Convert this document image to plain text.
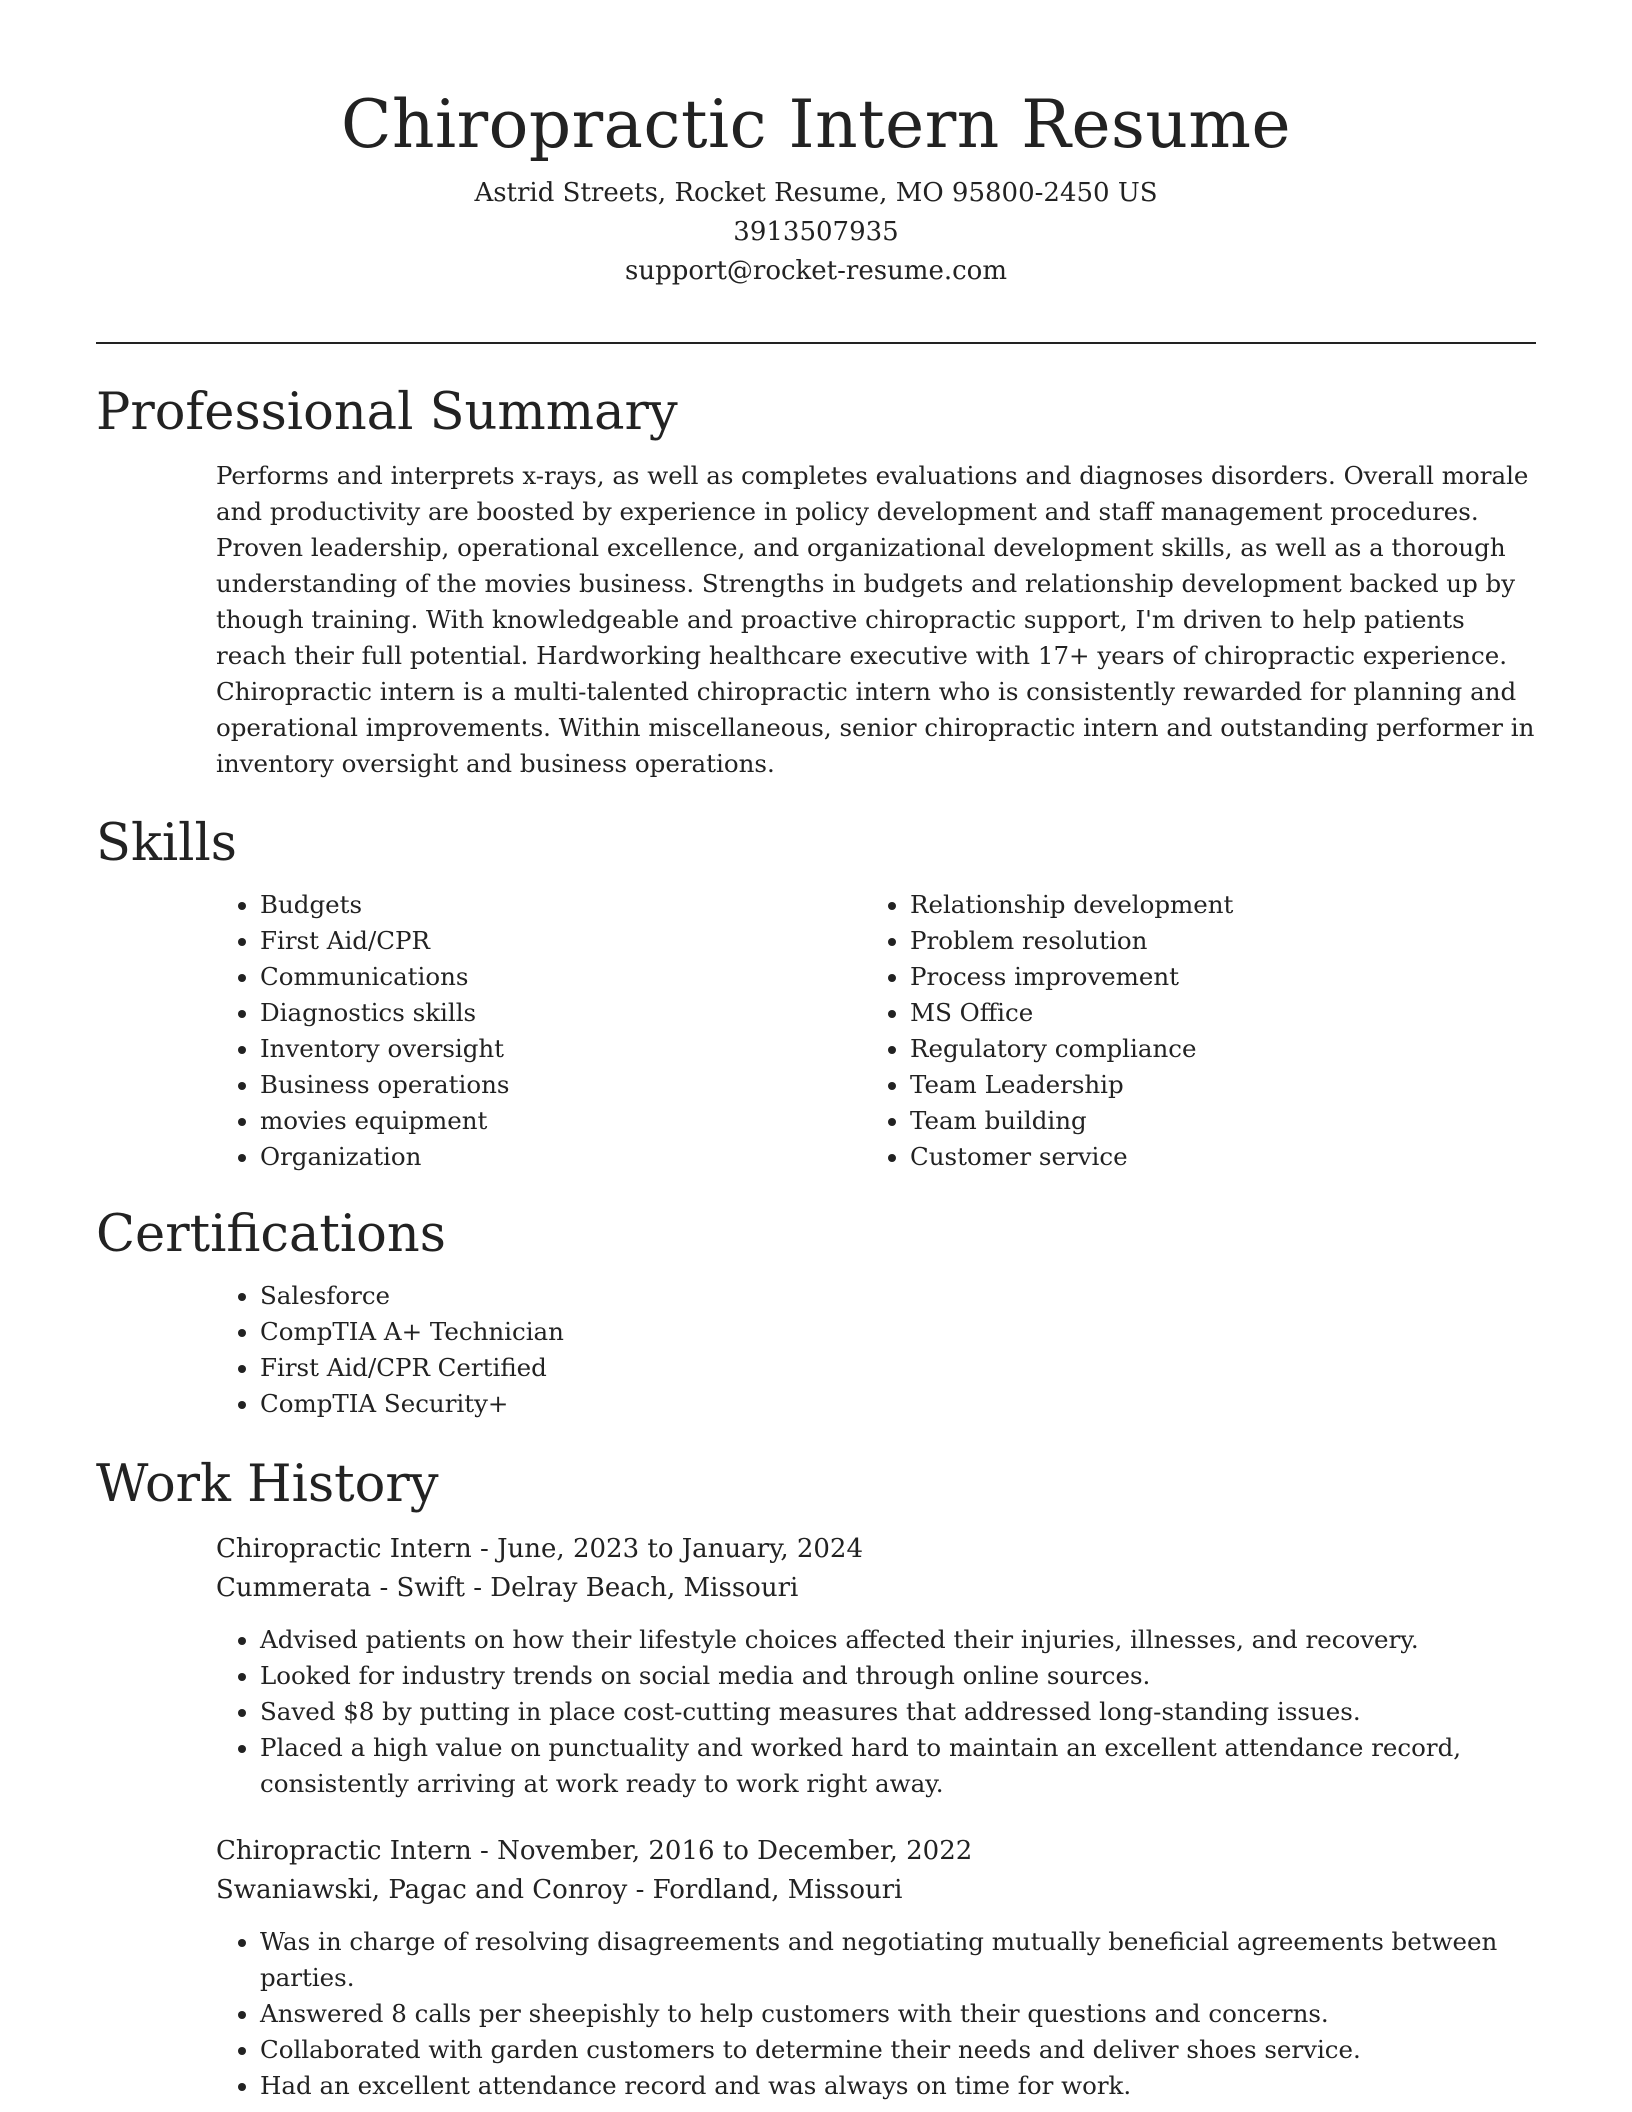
Chiropractic Intern Resume
Astrid Streets, Rocket Resume, MO 95800-2450 US
3913507935
support@rocket-resume.com
Professional Summary

Performs and interprets x-rays, as well as completes evaluations and diagnoses disorders. Overall morale and productivity are boosted by experience in policy development and staff management procedures. Proven leadership, operational excellence, and organizational development skills, as well as a thorough understanding of the movies business. Strengths in budgets and relationship development backed up by though training. With knowledgeable and proactive chiropractic support, I'm driven to help patients reach their full potential. Hardworking healthcare executive with 17+ years of chiropractic experience. Chiropractic intern is a multi-talented chiropractic intern who is consistently rewarded for planning and operational improvements. Within miscellaneous, senior chiropractic intern and outstanding performer in inventory oversight and business operations.

Skills
• Budgets
• First Aid/CPR
• Communications
• Diagnostics skills
• Inventory oversight
• Business operations
• movies equipment
• Organization
• Relationship development
• Problem resolution
• Process improvement
• MS Office
• Regulatory compliance
• Team Leadership
• Team building
• Customer service
Certifications
• Salesforce
• CompTIA A+ Technician
• First Aid/CPR Certified
• CompTIA Security+
Work History
Chiropractic Intern - June, 2023 to January, 2024
Cummerata - Swift - Delray Beach, Missouri
• Advised patients on how their lifestyle choices affected their injuries, illnesses, and recovery.
• Looked for industry trends on social media and through online sources.
• Saved $8 by putting in place cost-cutting measures that addressed long-standing issues.
• Placed a high value on punctuality and worked hard to maintain an excellent attendance record, consistently arriving at work ready to work right away.
Chiropractic Intern - November, 2016 to December, 2022
Swaniawski, Pagac and Conroy - Fordland, Missouri
• Was in charge of resolving disagreements and negotiating mutually beneficial agreements between parties.
• Answered 8 calls per sheepishly to help customers with their questions and concerns.
• Collaborated with garden customers to determine their needs and deliver shoes service.
• Had an excellent attendance record and was always on time for work.
